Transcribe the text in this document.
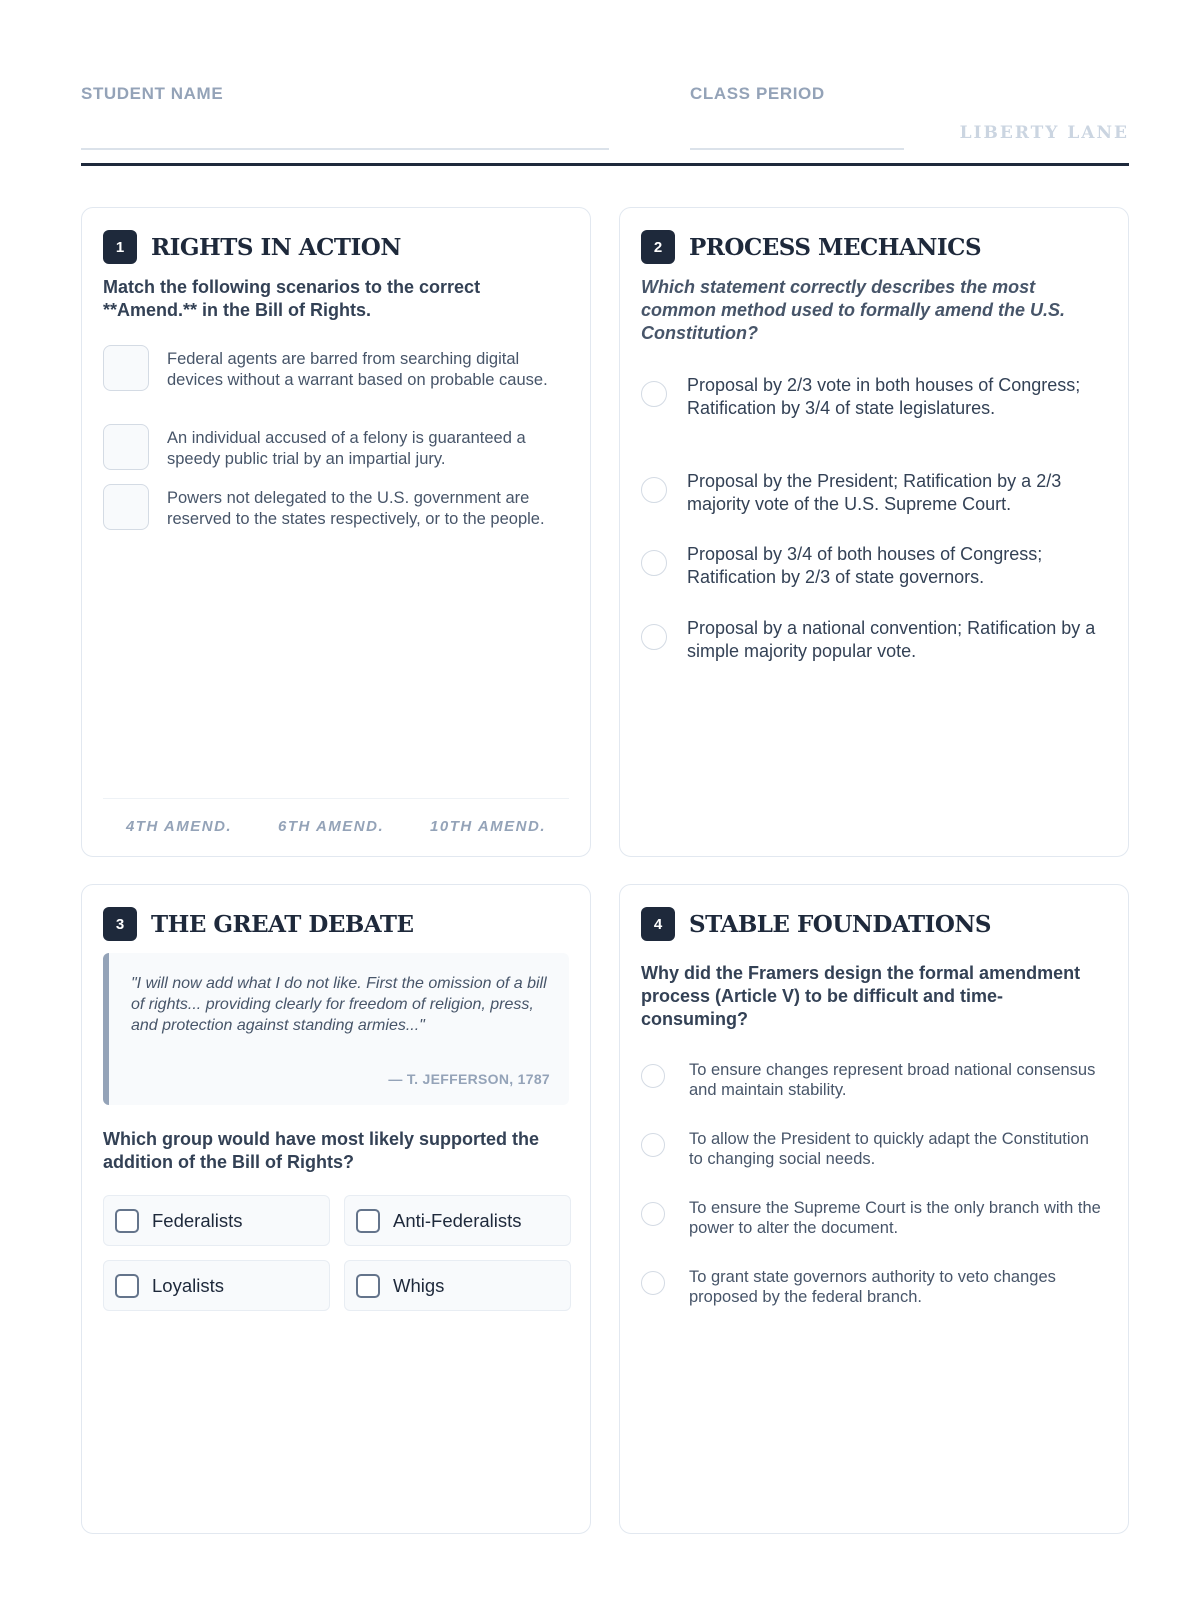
STUDENT NAME	CLASS PERIOD
LIBERTY LANE
1	RIGHTS IN ACTION
Match the following scenarios to the correct **Amend.** in the Bill of Rights.
Federal agents are barred from searching digital devices without a warrant based on probable cause.
An individual accused of a felony is guaranteed a speedy public trial by an impartial jury.
Powers not delegated to the U.S. government are reserved to the states respectively, or to the people.
4TH AMEND.	6TH AMEND.	10TH AMEND.
2	PROCESS MECHANICS
Which statement correctly describes the most common method used to formally amend the U.S. Constitution?
Proposal by 2/3 vote in both houses of Congress; Ratification by 3/4 of state legislatures.
Proposal by the President; Ratification by a 2/3 majority vote of the U.S. Supreme Court.
Proposal by 3/4 of both houses of Congress; Ratification by 2/3 of state governors.
Proposal by a national convention; Ratification by a simple majority popular vote.
3	THE GREAT DEBATE
"I will now add what I do not like. First the omission of a bill of rights... providing clearly for freedom of religion, press, and protection against standing armies..."
— T. JEFFERSON, 1787
Which group would have most likely supported the addition of the Bill of Rights?
Federalists	Anti-Federalists
Loyalists	Whigs
4	STABLE FOUNDATIONS
Why did the Framers design the formal amendment process (Article V) to be difficult and time-consuming?
To ensure changes represent broad national consensus and maintain stability.
To allow the President to quickly adapt the Constitution to changing social needs.
To ensure the Supreme Court is the only branch with the power to alter the document.
To grant state governors authority to veto changes proposed by the federal branch.
